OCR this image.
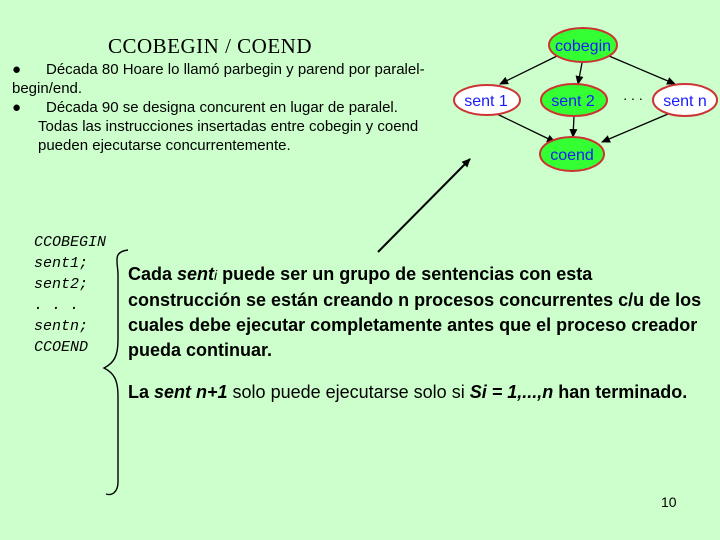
CCOBEGIN / COEND

● Década 80 Hoare lo llamó parbegin y parend por paralel-begin/end.

● Década 90 se designa concurent en lugar de paralel.

Todas las instrucciones insertadas entre cobegin y coend pueden ejecutarse concurrentemente.

cobegin
sent 1	sent 2 . . . sent n
coend
CCOBEGIN
sent1;
sent2;
. . .
sentn;
CCOEND
Cada senti puede ser un grupo de sentencias con esta construcción se están creando n procesos concurrentes c/u de los cuales debe ejecutar completamente antes que el proceso creador pueda continuar.
La sent n+1 solo puede ejecutarse solo si Si = 1,...,n han terminado.
10
